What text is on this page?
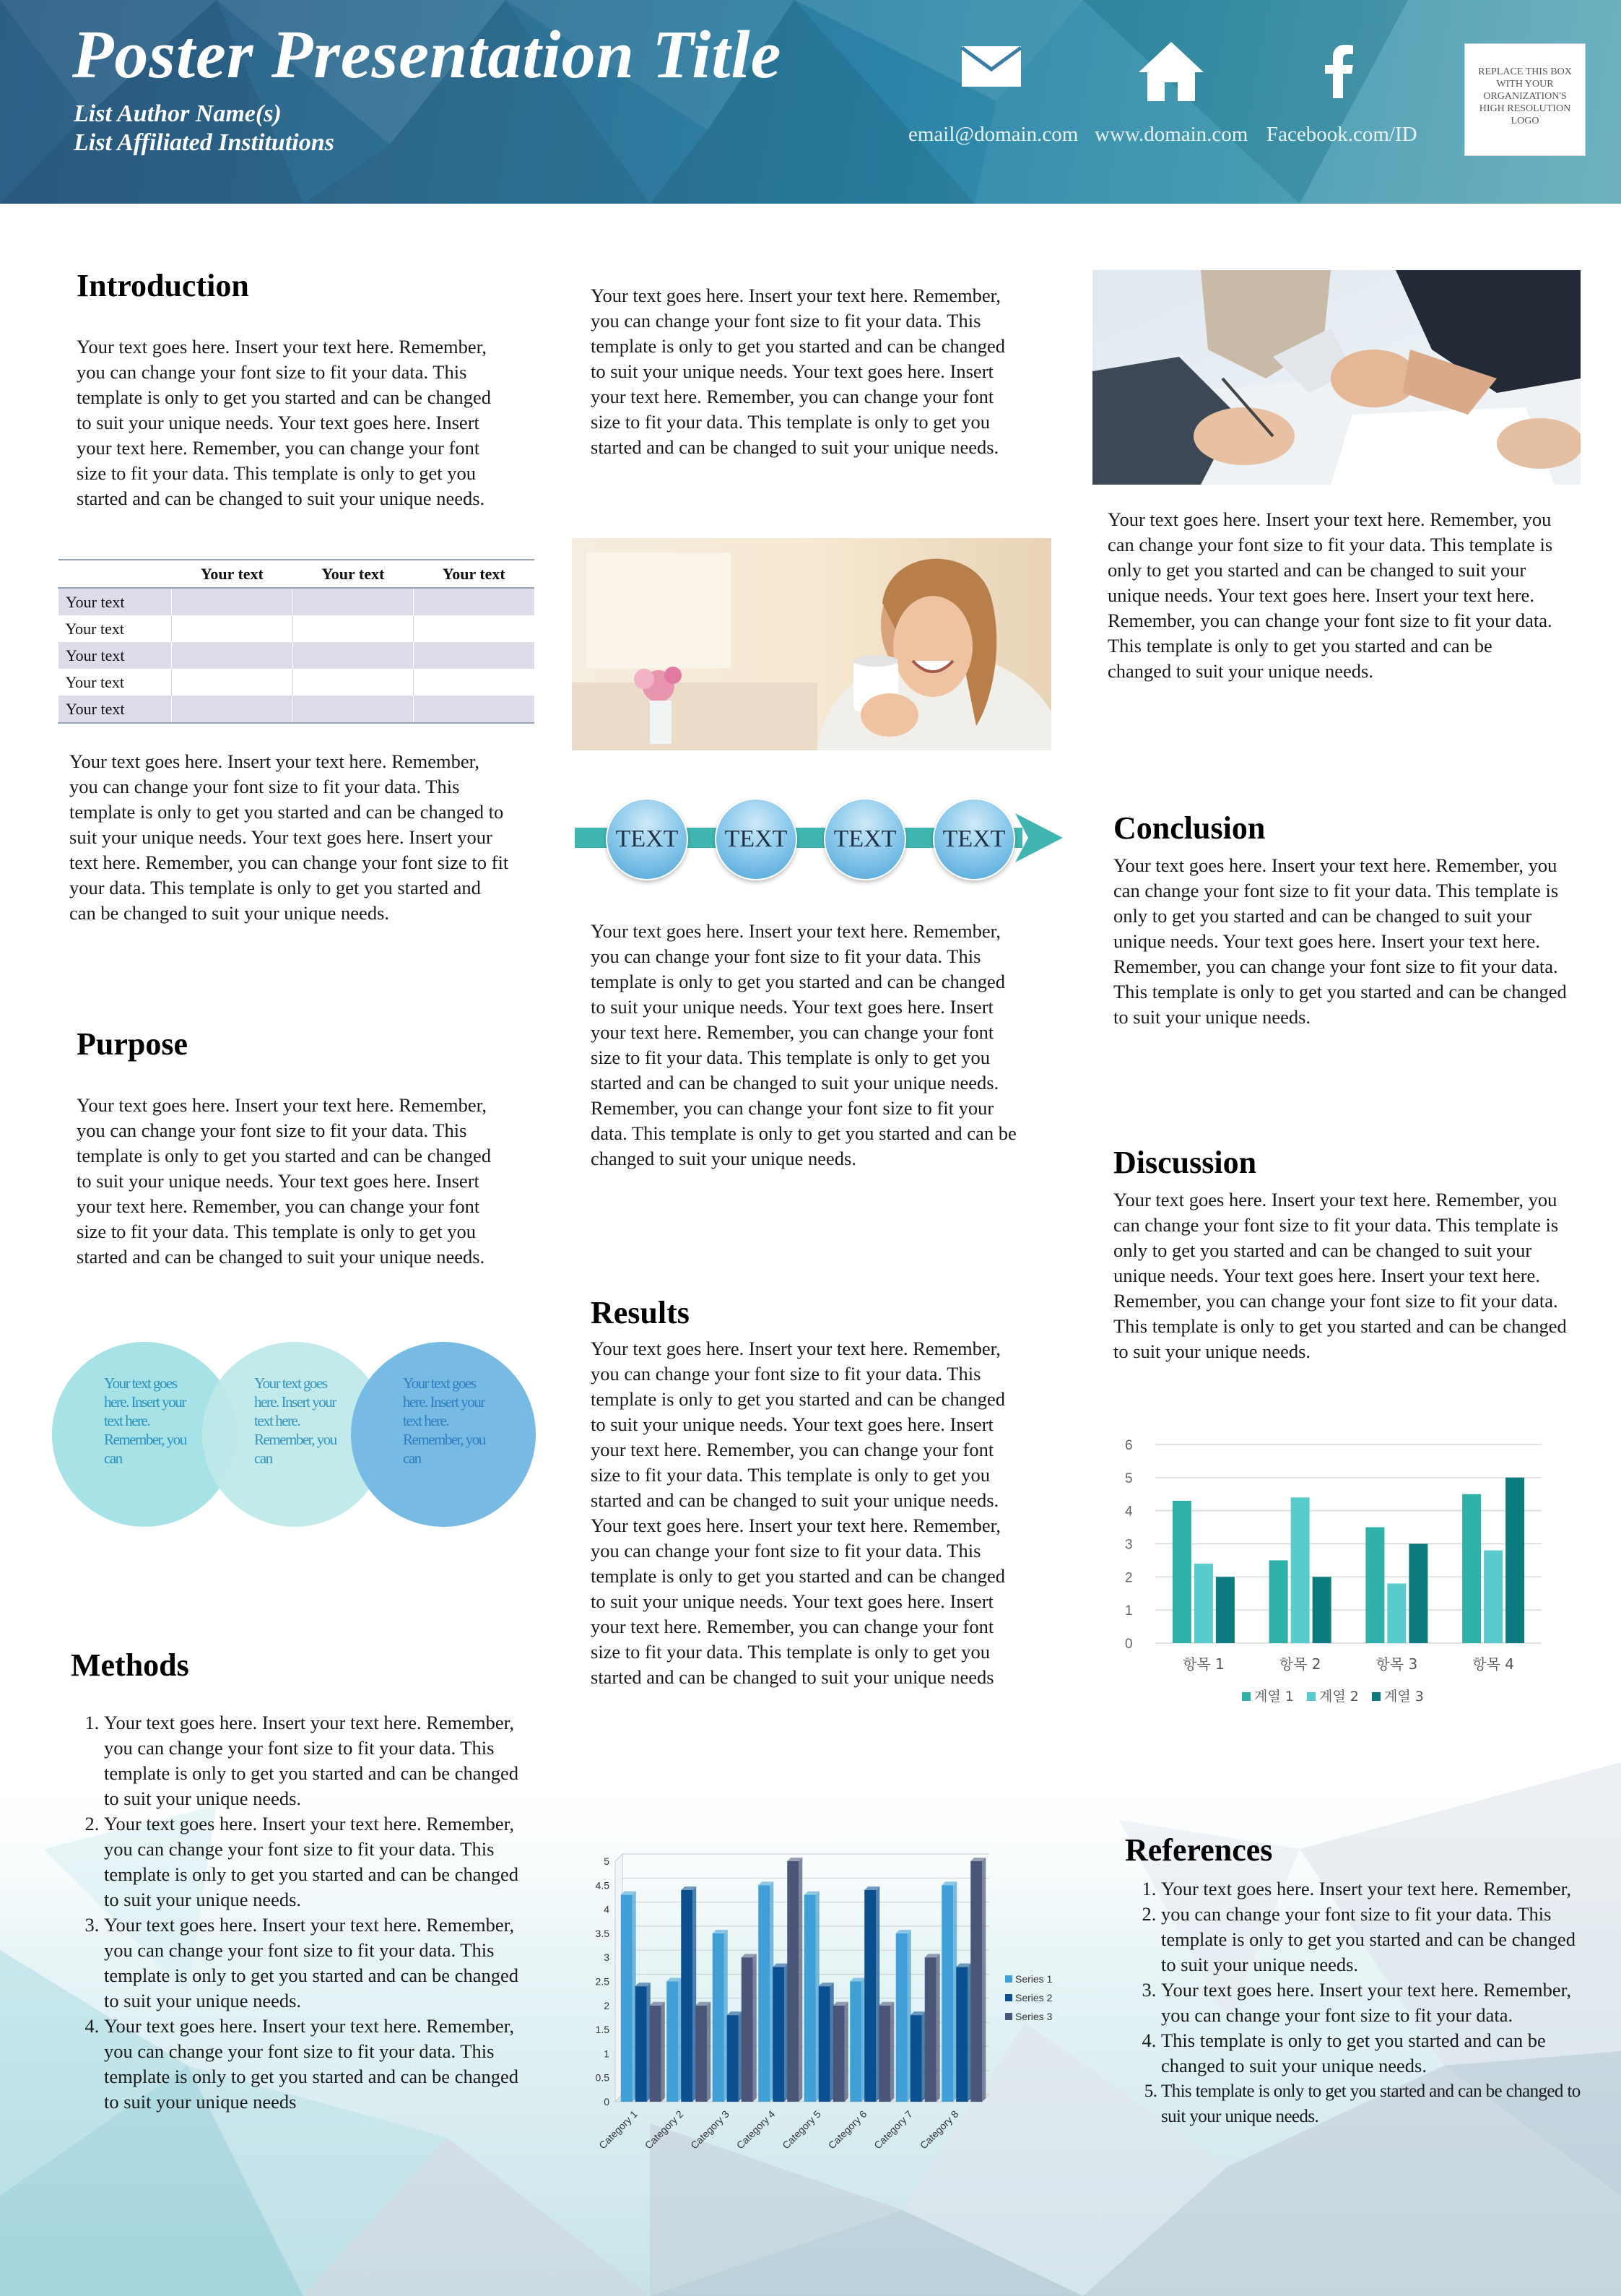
Poster Presentation Title
List Author Name(s)
List Affiliated Institutions	email@domain.com www.domain.com Facebook.com/ID
REPLACE THIS BOX WITH YOUR ORGANIZATION'S HIGH RESOLUTION LOGO
Introduction
Your text goes here. Insert your text here. Remember, you can change your font size to fit your data. This template is only to get you started and can be changed to suit your unique needs. Your text goes here. Insert your text here. Remember, you can change your font size to fit your data. This template is only to get you started and can be changed to suit your unique needs.
	Your text	Your text	Your text
Your text			
Your text			
Your text			
Your text			
Your text			
Your text goes here. Insert your text here. Remember, you can change your font size to fit your data. This template is only to get you started and can be changed to suit your unique needs. Your text goes here. Insert your text here. Remember, you can change your font size to fit your data. This template is only to get you started and can be changed to suit your unique needs.
Purpose
Your text goes here. Insert your text here. Remember, you can change your font size to fit your data. This template is only to get you started and can be changed to suit your unique needs. Your text goes here. Insert your text here. Remember, you can change your font size to fit your data. This template is only to get you started and can be changed to suit your unique needs.
Your text goes here. Insert your text here. Remember, you can
Your text goes here. Insert your text here. Remember, you can
Your text goes here. Insert your text here. Remember, you can
Methods
1. Your text goes here. Insert your text here. Remember, you can change your font size to fit your data. This template is only to get you started and can be changed to suit your unique needs.
2. Your text goes here. Insert your text here. Remember, you can change your font size to fit your data. This template is only to get you started and can be changed to suit your unique needs.
3. Your text goes here. Insert your text here. Remember, you can change your font size to fit your data. This template is only to get you started and can be changed to suit your unique needs.
4. Your text goes here. Insert your text here. Remember, you can change your font size to fit your data. This template is only to get you started and can be changed to suit your unique needs
Your text goes here. Insert your text here. Remember, you can change your font size to fit your data. This template is only to get you started and can be changed to suit your unique needs. Your text goes here. Insert your text here. Remember, you can change your font size to fit your data. This template is only to get you started and can be changed to suit your unique needs.
TEXT	TEXT	TEXT	TEXT
Your text goes here. Insert your text here. Remember, you can change your font size to fit your data. This template is only to get you started and can be changed to suit your unique needs. Your text goes here. Insert your text here. Remember, you can change your font size to fit your data. This template is only to get you started and can be changed to suit your unique needs. Remember, you can change your font size to fit your data. This template is only to get you started and can be changed to suit your unique needs.
Results
Your text goes here. Insert your text here. Remember, you can change your font size to fit your data. This template is only to get you started and can be changed to suit your unique needs. Your text goes here. Insert your text here. Remember, you can change your font size to fit your data. This template is only to get you started and can be changed to suit your unique needs. Your text goes here. Insert your text here. Remember, you can change your font size to fit your data. This template is only to get you started and can be changed to suit your unique needs. Your text goes here. Insert your text here. Remember, you can change your font size to fit your data. This template is only to get you started and can be changed to suit your unique needs
0
0.5
1
1.5
2
2.5
3
3.5
4
4.5
5
Category 1 Category 2 Category 3 Category 4 Category 5 Category 6 Category 7 Category 8
Series 1
Series 2
Series 3
Your text goes here. Insert your text here. Remember, you can change your font size to fit your data. This template is only to get you started and can be changed to suit your unique needs. Your text goes here. Insert your text here. Remember, you can change your font size to fit your data. This template is only to get you started and can be changed to suit your unique needs.
Conclusion
Your text goes here. Insert your text here. Remember, you can change your font size to fit your data. This template is only to get you started and can be changed to suit your unique needs. Your text goes here. Insert your text here. Remember, you can change your font size to fit your data. This template is only to get you started and can be changed to suit your unique needs.
Discussion
Your text goes here. Insert your text here. Remember, you can change your font size to fit your data. This template is only to get you started and can be changed to suit your unique needs. Your text goes here. Insert your text here. Remember, you can change your font size to fit your data. This template is only to get you started and can be changed to suit your unique needs.
0
1
2
3
4
5
6
항목 1	항목 2	항목 3	항목 4
계열 1 계열 2 계열 3
References
1. Your text goes here. Insert your text here. Remember,
2. you can change your font size to fit your data. This template is only to get you started and can be changed to suit your unique needs.
3. Your text goes here. Insert your text here. Remember, you can change your font size to fit your data.
4. This template is only to get you started and can be changed to suit your unique needs.
5. This template is only to get you started and can be changed to suit your unique needs.
